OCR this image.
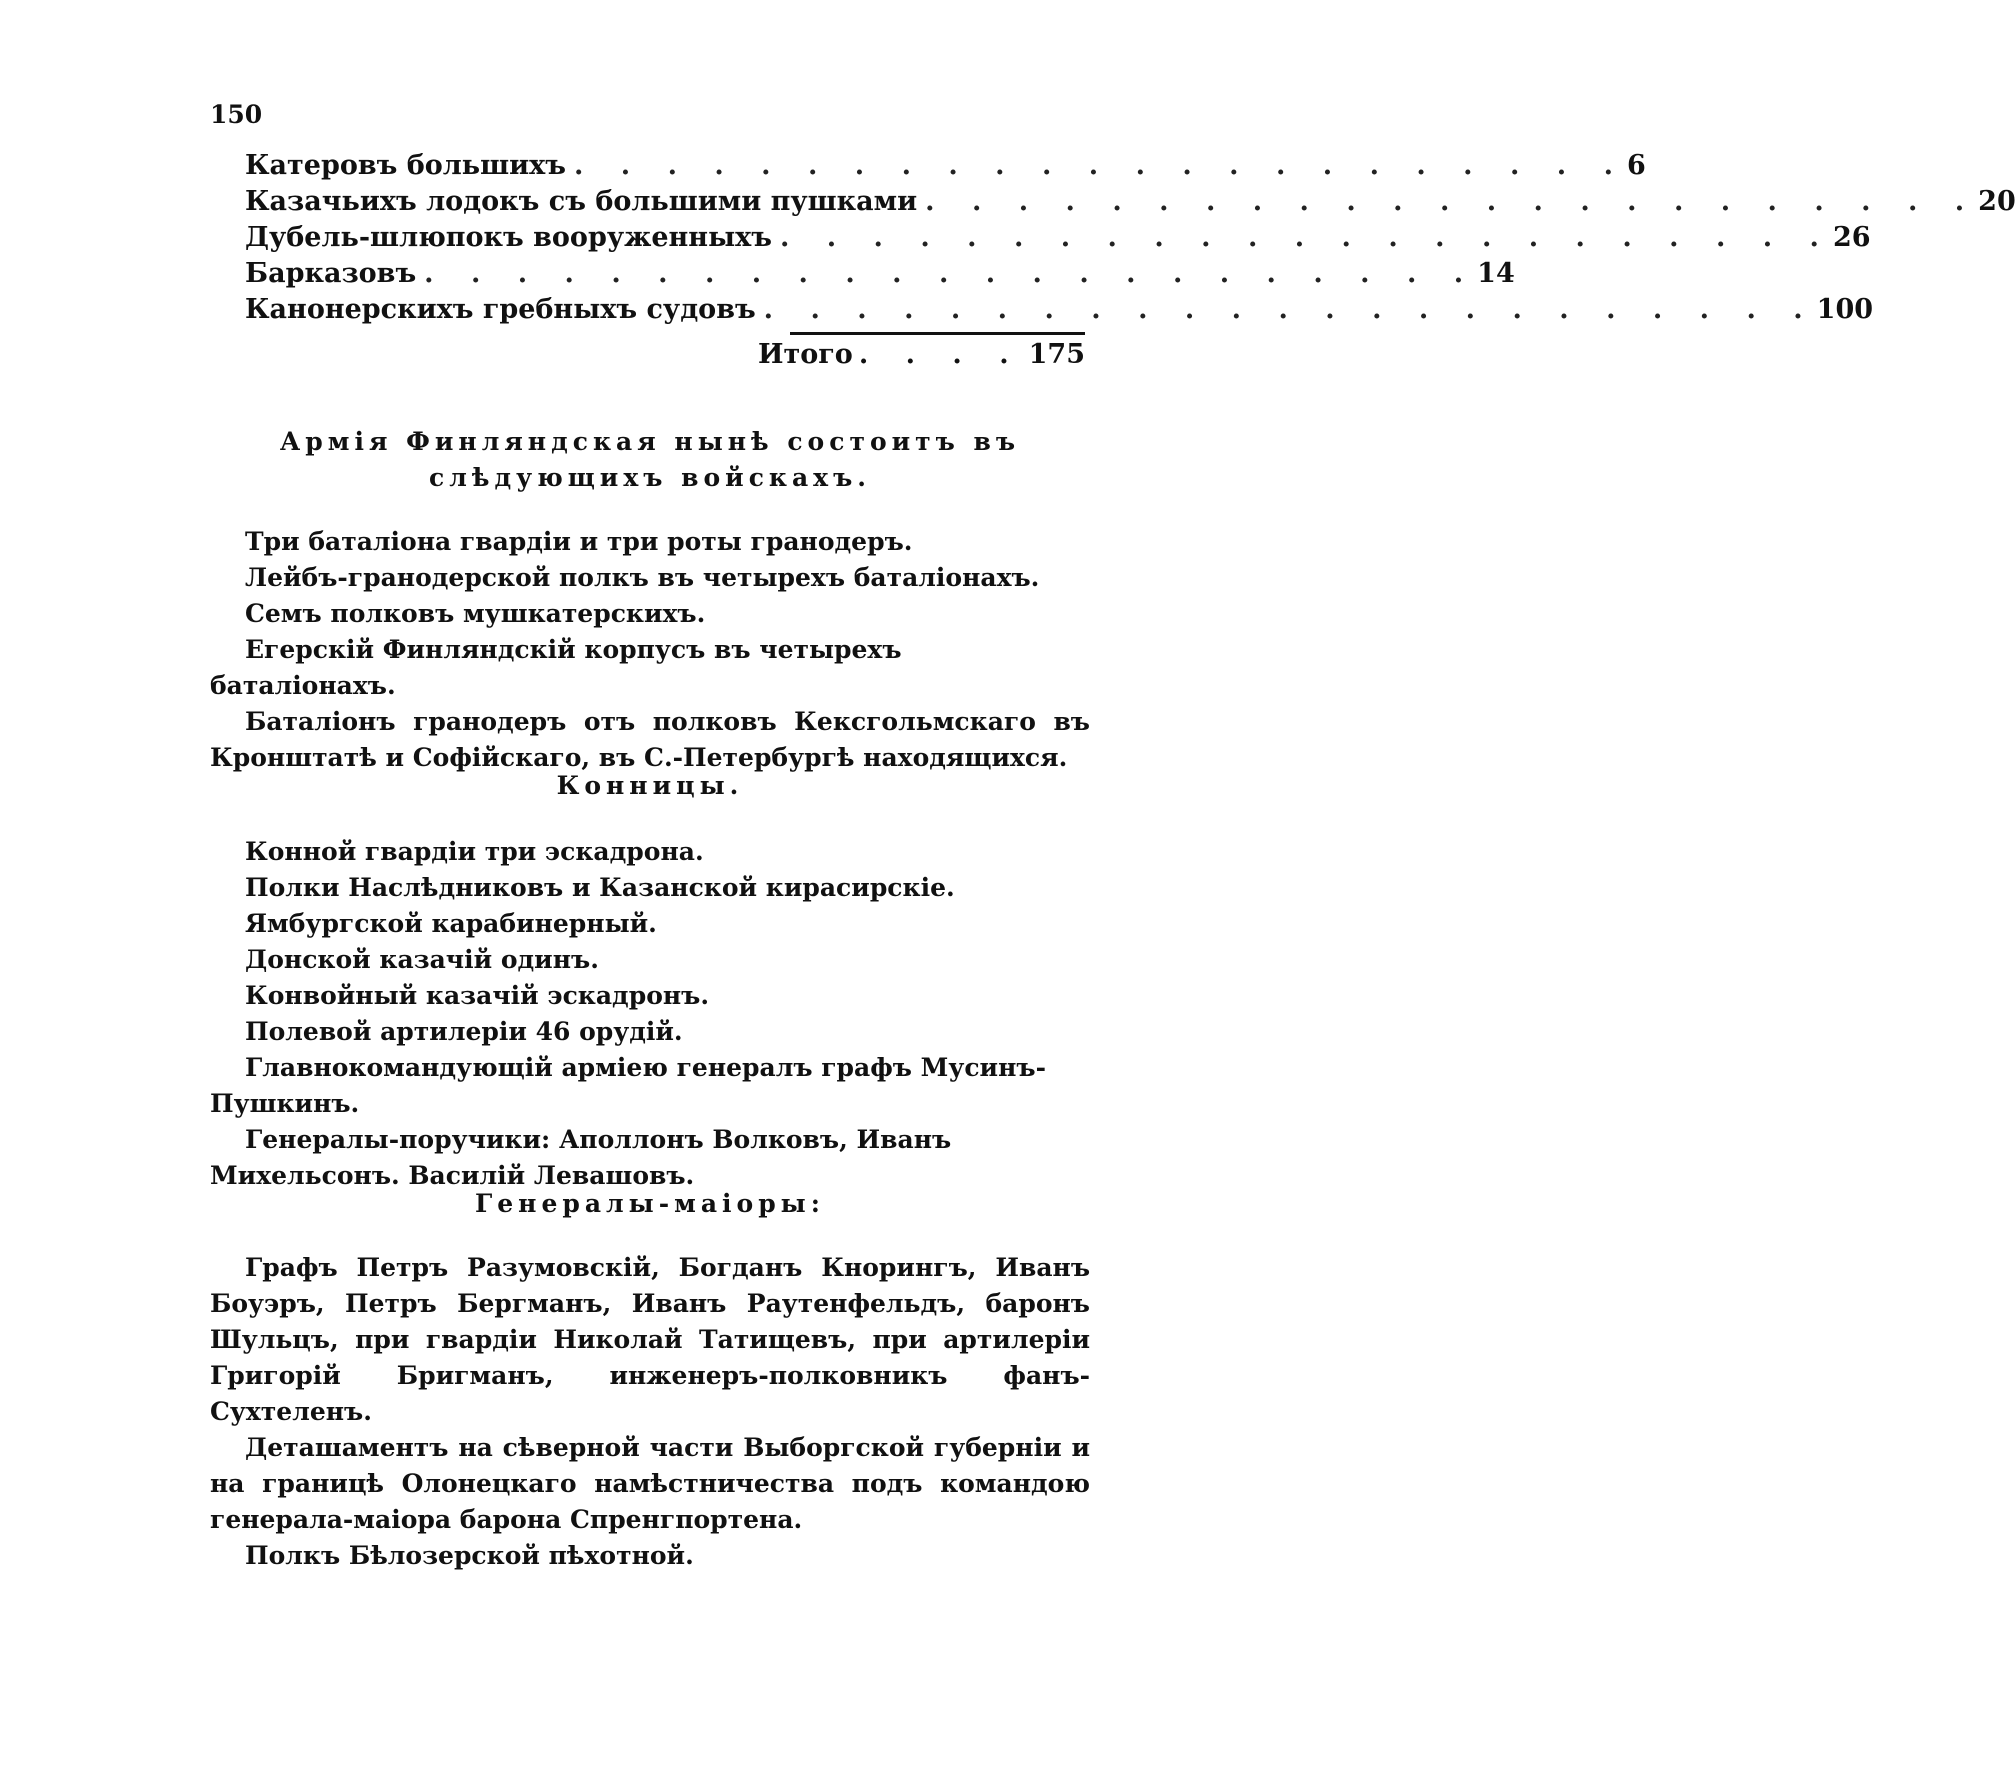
150
Катеровъ большихъ . . . . . . . . . . . . . . . . . . . . . . . 6
Казачьихъ лодокъ съ большими пушками . . . . . . . . . . . . . . . . . . . . . . . 20
Дубель-шлюпокъ вооруженныхъ . . . . . . . . . . . . . . . . . . . . . . . 26
Барказовъ . . . . . . . . . . . . . . . . . . . . . . . 14
Канонерскихъ гребныхъ судовъ . . . . . . . . . . . . . . . . . . . . . . . 100
Итого . . . . 175
Армія Финляндская нынѣ состоитъ въ слѣдующихъ войскахъ.

Три баталіона гвардіи и три роты гранодеръ.

Лейбъ-гранодерской полкъ въ четырехъ баталіонахъ.

Семъ полковъ мушкатерскихъ.

Егерскій Финляндскій корпусъ въ четырехъ баталіонахъ.

Баталіонъ гранодеръ отъ полковъ Кексгольмскаго въ Кронштатѣ и Софійскаго, въ С.-Петербургѣ находящихся.

Конницы.

Конной гвардіи три эскадрона.

Полки Наслѣдниковъ и Казанской кирасирскіе.

Ямбургской карабинерный.

Донской казачій одинъ.

Конвойный казачій эскадронъ.

Полевой артилеріи 46 орудій.

Главнокомандующій арміею генералъ графъ Мусинъ-Пушкинъ.

Генералы-поручики: Аполлонъ Волковъ, Иванъ Михельсонъ. Василій Левашовъ.

Генералы-маіоры:

Графъ Петръ Разумовскій, Богданъ Кнорингъ, Иванъ Боуэръ, Петръ Бергманъ, Иванъ Раутенфельдъ, баронъ Шульцъ, при гвардіи Николай Татищевъ, при артилеріи Григорій Бригманъ, инженеръ-полковникъ фанъ-Сухтеленъ.

Деташаментъ на сѣверной части Выборгской губерніи и на границѣ Олонецкаго намѣстничества подъ командою генерала-маіора барона Спренгпортена.

Полкъ Бѣлозерской пѣхотной.
